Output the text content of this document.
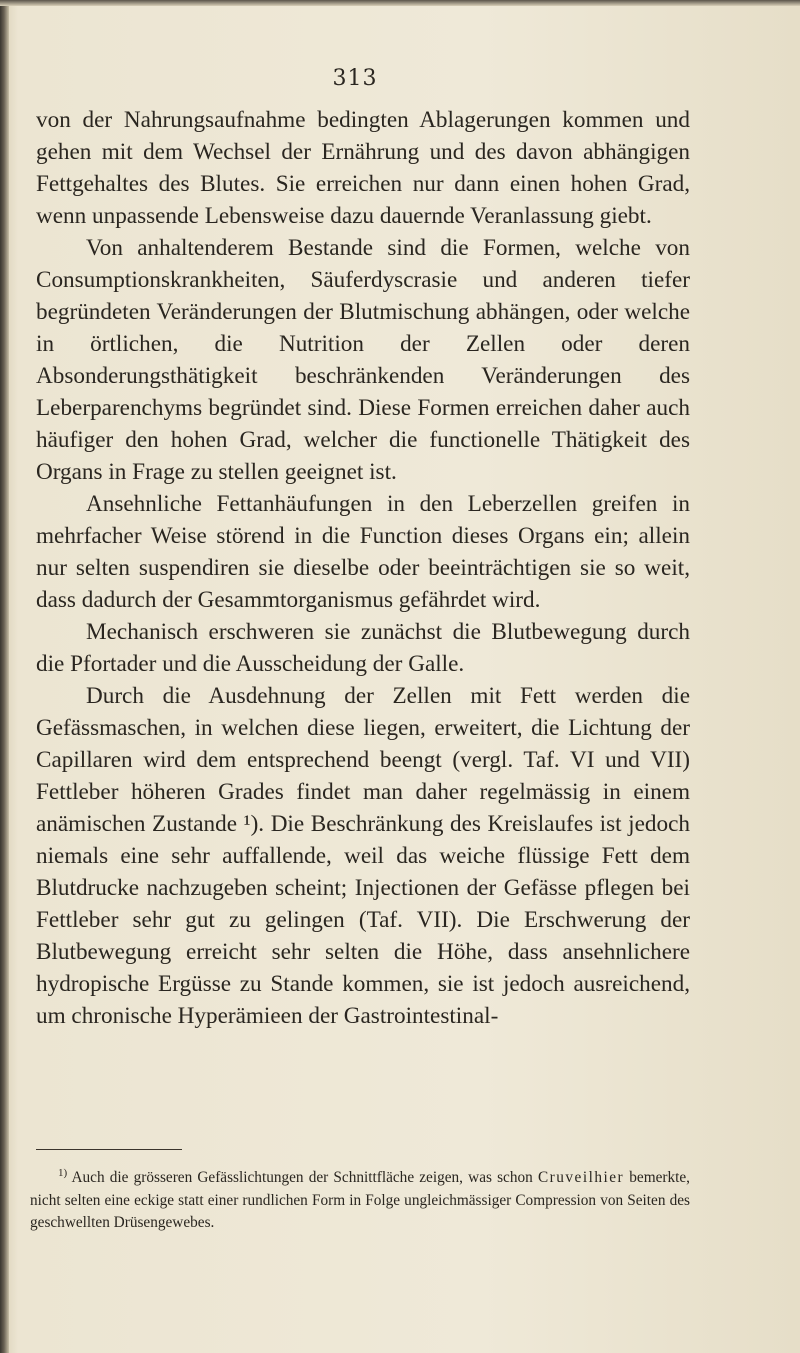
313

von der Nahrungsaufnahme bedingten Ablagerungen kommen und gehen mit dem Wechsel der Ernährung und des davon abhängigen Fettgehaltes des Blutes. Sie erreichen nur dann einen hohen Grad, wenn unpassende Lebensweise dazu dauernde Veranlassung giebt.

Von anhaltenderem Bestande sind die Formen, welche von Consumptionskrankheiten, Säuferdyscrasie und anderen tiefer begründeten Veränderungen der Blutmischung abhängen, oder welche in örtlichen, die Nutrition der Zellen oder deren Absonderungsthätigkeit beschränkenden Veränderungen des Leberparenchyms begründet sind. Diese Formen erreichen daher auch häufiger den hohen Grad, welcher die functionelle Thätigkeit des Organs in Frage zu stellen geeignet ist.

Ansehnliche Fettanhäufungen in den Leberzellen greifen in mehrfacher Weise störend in die Function dieses Organs ein; allein nur selten suspendiren sie dieselbe oder beeinträchtigen sie so weit, dass dadurch der Gesammtorganismus gefährdet wird.

Mechanisch erschweren sie zunächst die Blutbewegung durch die Pfortader und die Ausscheidung der Galle.

Durch die Ausdehnung der Zellen mit Fett werden die Gefässmaschen, in welchen diese liegen, erweitert, die Lichtung der Capillaren wird dem entsprechend beengt (vergl. Taf. VI und VII) Fettleber höheren Grades findet man daher regelmässig in einem anämischen Zustande ¹). Die Beschränkung des Kreislaufes ist jedoch niemals eine sehr auffallende, weil das weiche flüssige Fett dem Blutdrucke nachzugeben scheint; Injectionen der Gefässe pflegen bei Fettleber sehr gut zu gelingen (Taf. VII). Die Erschwerung der Blutbewegung erreicht sehr selten die Höhe, dass ansehnlichere hydropische Ergüsse zu Stande kommen, sie ist jedoch ausreichend, um chronische Hyperämieen der Gastrointestinal-

$^{1)}$ Auch die grösseren Gefässlichtungen der Schnittfläche zeigen, was schon Cruveilhier bemerkte, nicht selten eine eckige statt einer rundlichen Form in Folge ungleichmässiger Compression von Seiten des geschwellten Drüsengewebes.
